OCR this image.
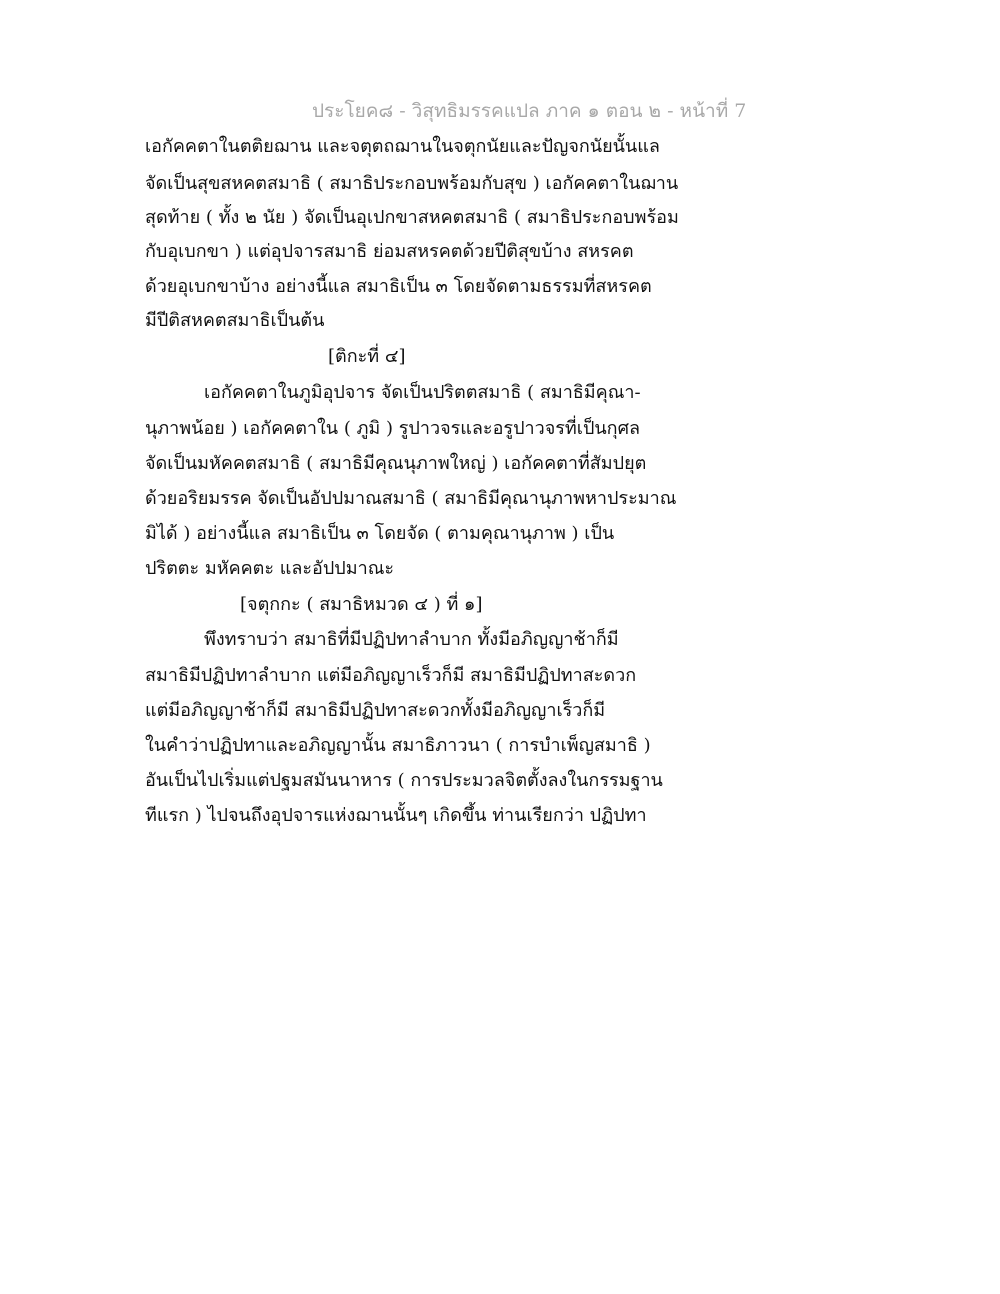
ประโยค๘ - วิสุทธิมรรคแปล ภาค ๑ ตอน ๒ - หน้าที่ 7
เอกัคคตาในตติยฌาน และจตุตถฌานในจตุกนัยและปัญจกนัยนั้นแล
จัดเป็นสุขสหคตสมาธิ ( สมาธิประกอบพร้อมกับสุข ) เอกัคคตาในฌาน
สุดท้าย ( ทั้ง ๒ นัย ) จัดเป็นอุเปกขาสหคตสมาธิ ( สมาธิประกอบพร้อม
กับอุเบกขา ) แต่อุปจารสมาธิ ย่อมสหรคตด้วยปีติสุขบ้าง สหรคต
ด้วยอุเบกขาบ้าง อย่างนี้แล สมาธิเป็น ๓ โดยจัดตามธรรมที่สหรคต
มีปีติสหคตสมาธิเป็นต้น
[ติกะที่ ๔]
เอกัคคตาในภูมิอุปจาร จัดเป็นปริตตสมาธิ ( สมาธิมีคุณา-
นุภาพน้อย ) เอกัคคตาใน ( ภูมิ ) รูปาวจรและอรูปาวจรที่เป็นกุศล
จัดเป็นมหัคคตสมาธิ ( สมาธิมีคุณนุภาพใหญ่ ) เอกัคคตาที่สัมปยุต
ด้วยอริยมรรค จัดเป็นอัปปมาณสมาธิ ( สมาธิมีคุณานุภาพหาประมาณ
มิได้ ) อย่างนี้แล สมาธิเป็น ๓ โดยจัด ( ตามคุณานุภาพ ) เป็น
ปริตตะ มหัคคตะ และอัปปมาณะ
[จตุกกะ ( สมาธิหมวด ๔ ) ที่ ๑]
พึงทราบว่า สมาธิที่มีปฏิปทาลำบาก ทั้งมีอภิญญาช้าก็มี
สมาธิมีปฏิปทาลำบาก แต่มีอภิญญาเร็วก็มี สมาธิมีปฏิปทาสะดวก
แต่มีอภิญญาช้าก็มี สมาธิมีปฏิปทาสะดวกทั้งมีอภิญญาเร็วก็มี
ในคำว่าปฏิปทาและอภิญญานั้น สมาธิภาวนา ( การบำเพ็ญสมาธิ )
อันเป็นไปเริ่มแต่ปฐมสมันนาหาร ( การประมวลจิตตั้งลงในกรรมฐาน
ทีแรก ) ไปจนถึงอุปจารแห่งฌานนั้นๆ เกิดขึ้น ท่านเรียกว่า ปฏิปทา
